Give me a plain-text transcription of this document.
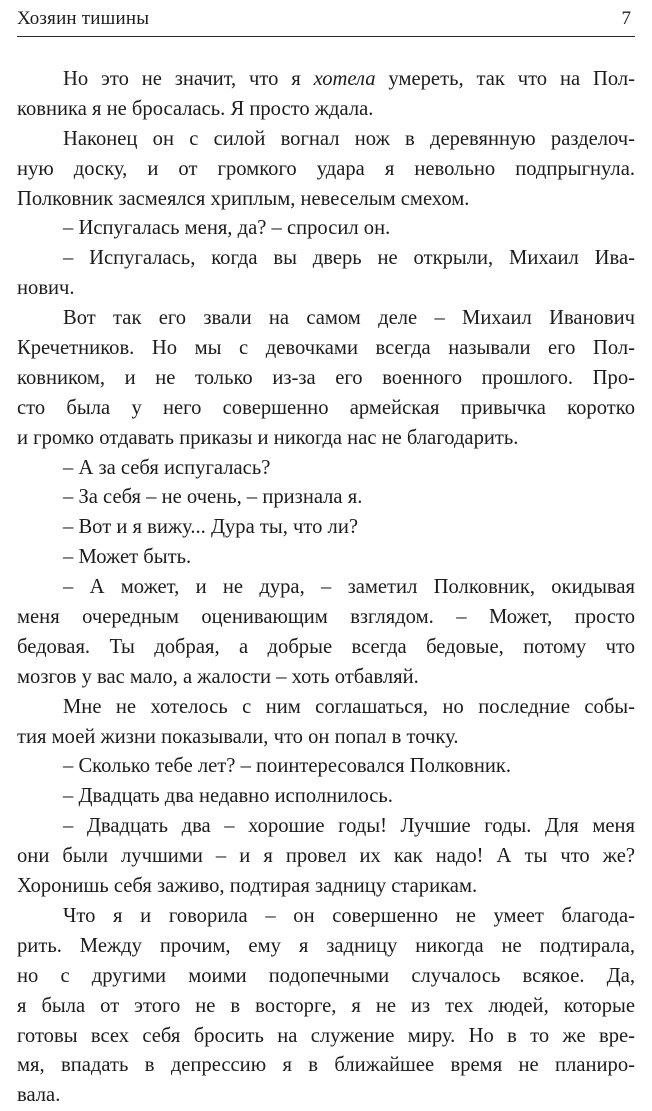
Хозяин тишины	7
Но это не значит, что я хотела умереть, так что на Пол-
ковника я не бросалась. Я просто ждала.
Наконец он с силой вогнал нож в деревянную разделоч-
ную доску, и от громкого удара я невольно подпрыгнула.
Полковник засмеялся хриплым, невеселым смехом.
– Испугалась меня, да? – спросил он.
– Испугалась, когда вы дверь не открыли, Михаил Ива-
нович.
Вот так его звали на самом деле – Михаил Иванович
Кречетников. Но мы с девочками всегда называли его Пол-
ковником, и не только из-за его военного прошлого. Про-
сто была у него совершенно армейская привычка коротко
и громко отдавать приказы и никогда нас не благодарить.
– А за себя испугалась?
– За себя – не очень, – признала я.
– Вот и я вижу... Дура ты, что ли?
– Может быть.
– А может, и не дура, – заметил Полковник, окидывая
меня очередным оценивающим взглядом. – Может, просто
бедовая. Ты добрая, а добрые всегда бедовые, потому что
мозгов у вас мало, а жалости – хоть отбавляй.
Мне не хотелось с ним соглашаться, но последние собы-
тия моей жизни показывали, что он попал в точку.
– Сколько тебе лет? – поинтересовался Полковник.
– Двадцать два недавно исполнилось.
– Двадцать два – хорошие годы! Лучшие годы. Для меня
они были лучшими – и я провел их как надо! А ты что же?
Хоронишь себя заживо, подтирая задницу старикам.
Что я и говорила – он совершенно не умеет благода-
рить. Между прочим, ему я задницу никогда не подтирала,
но с другими моими подопечными случалось всякое. Да,
я была от этого не в восторге, я не из тех людей, которые
готовы всех себя бросить на служение миру. Но в то же вре-
мя, впадать в депрессию я в ближайшее время не планиро-
вала.
